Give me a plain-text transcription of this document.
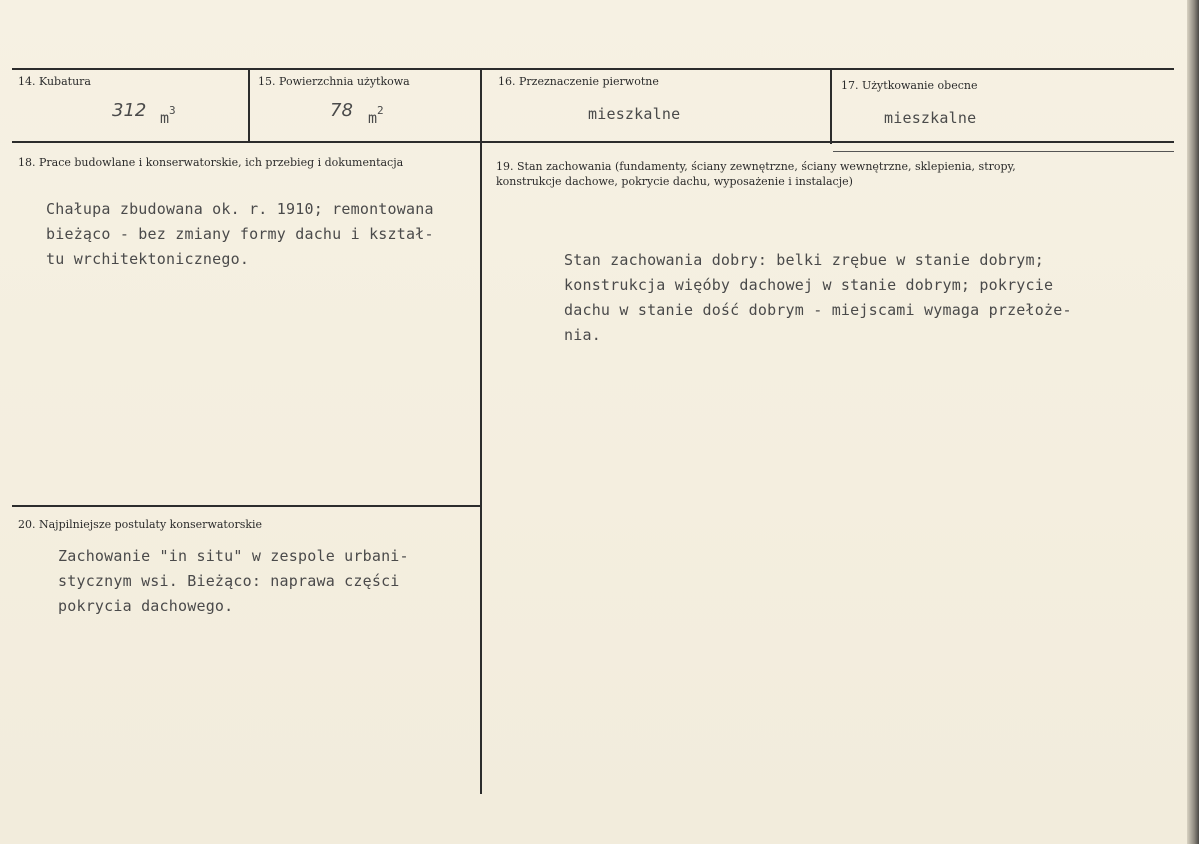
14. Kubatura
312 $m^3$
15. Powierzchnia użytkowa
78 $m^2$
16. Przeznaczenie pierwotne
mieszkalne
17. Użytkowanie obecne
mieszkalne
18. Prace budowlane i konserwatorskie, ich przebieg i dokumentacja
Chałupa zbudowana ok. r. 1910; remontowana
bieżąco - bez zmiany formy dachu i kształ-
tu wrchitektonicznego.
19. Stan zachowania (fundamenty, ściany zewnętrzne, ściany wewnętrzne, sklepienia, stropy,
konstrukcje dachowe, pokrycie dachu, wyposażenie i instalacje)
Stan zachowania dobry: belki zrębue w stanie dobrym;
konstrukcja więóby dachowej w stanie dobrym; pokrycie
dachu w stanie dość dobrym - miejscami wymaga przełoże-
nia.
20. Najpilniejsze postulaty konserwatorskie
Zachowanie "in situ" w zespole urbani-
stycznym wsi. Bieżąco: naprawa części
pokrycia dachowego.
